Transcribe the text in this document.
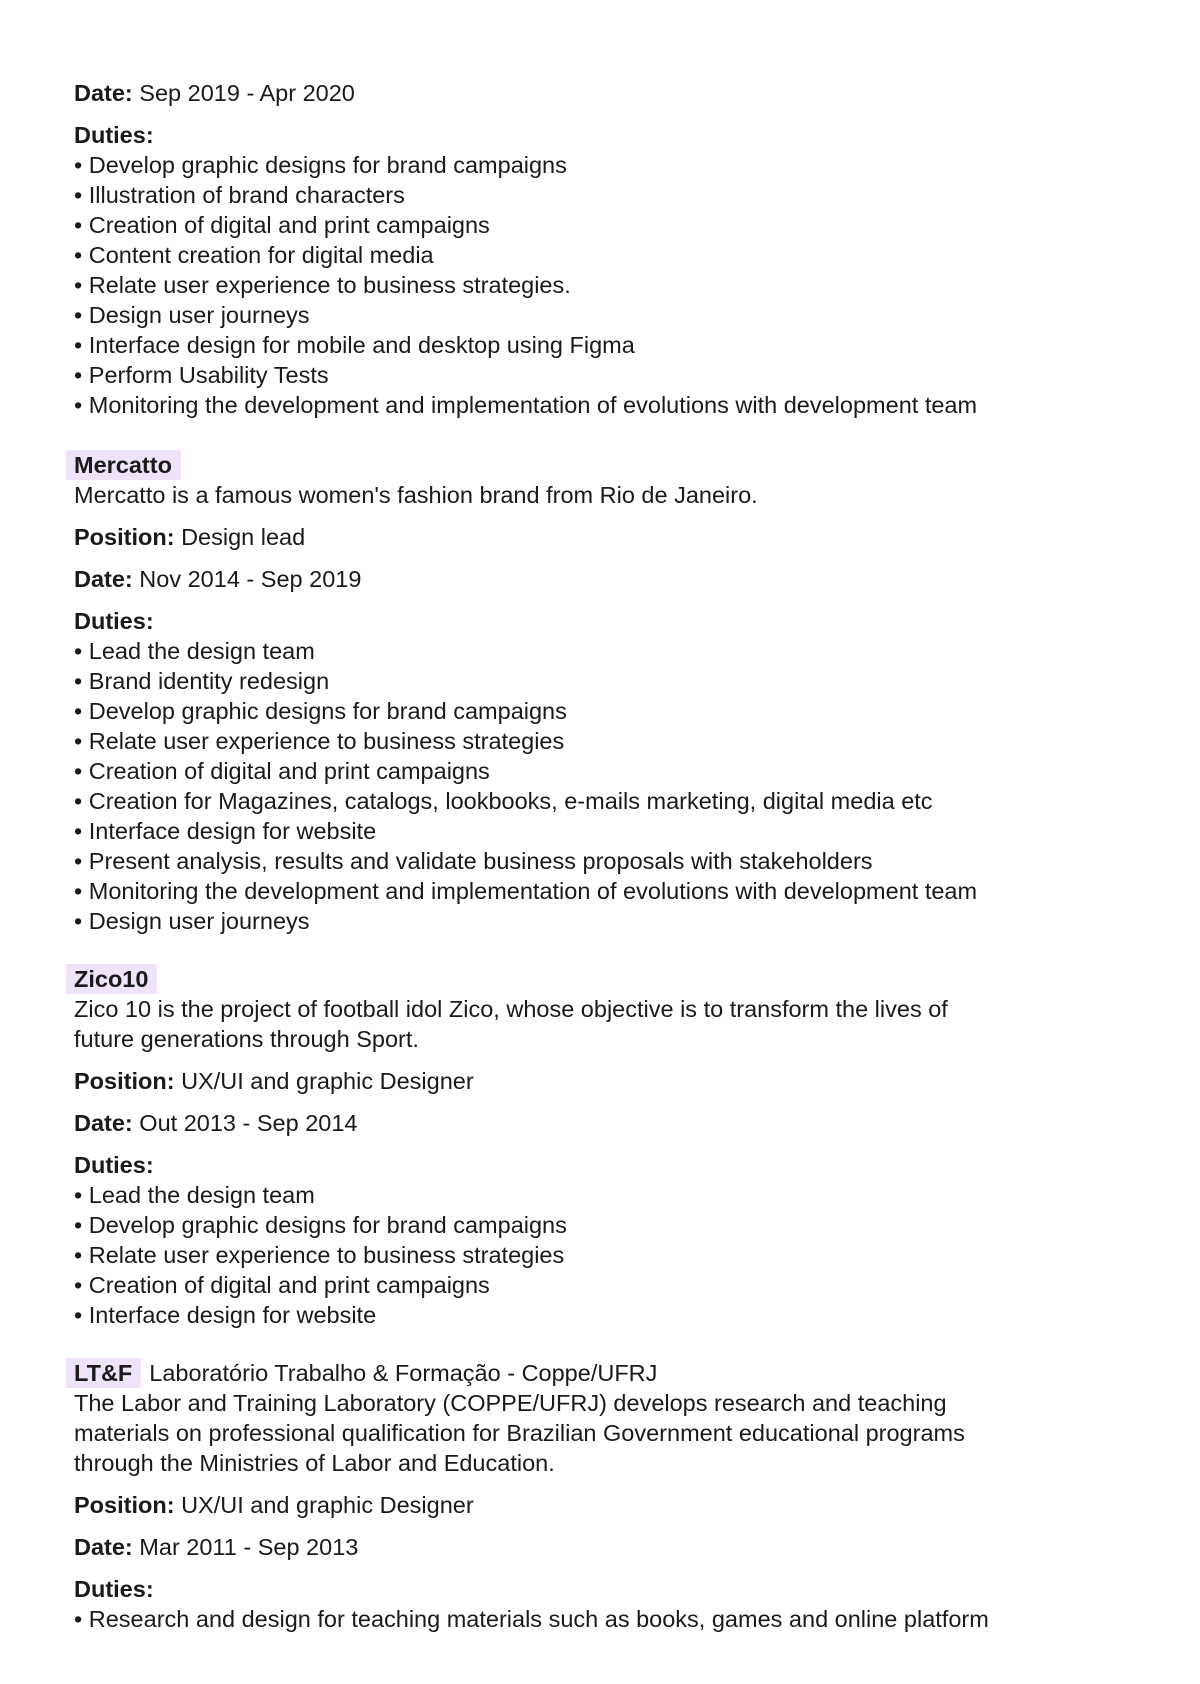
Date: Sep 2019 - Apr 2020
Duties:
• Develop graphic designs for brand campaigns
• Illustration of brand characters
• Creation of digital and print campaigns
• Content creation for digital media
• Relate user experience to business strategies.
• Design user journeys
• Interface design for mobile and desktop using Figma
• Perform Usability Tests
• Monitoring the development and implementation of evolutions with development team
Mercatto
Mercatto is a famous women's fashion brand from Rio de Janeiro.
Position: Design lead
Date: Nov 2014 - Sep 2019
Duties:
• Lead the design team
• Brand identity redesign
• Develop graphic designs for brand campaigns
• Relate user experience to business strategies
• Creation of digital and print campaigns
• Creation for Magazines, catalogs, lookbooks, e-mails marketing, digital media etc
• Interface design for website
• Present analysis, results and validate business proposals with stakeholders
• Monitoring the development and implementation of evolutions with development team
• Design user journeys
Zico10
Zico 10 is the project of football idol Zico, whose objective is to transform the lives of
future generations through Sport.
Position: UX/UI and graphic Designer
Date: Out 2013 - Sep 2014
Duties:
• Lead the design team
• Develop graphic designs for brand campaigns
• Relate user experience to business strategies
• Creation of digital and print campaigns
• Interface design for website
LT&F Laboratório Trabalho & Formação - Coppe/UFRJ
The Labor and Training Laboratory (COPPE/UFRJ) develops research and teaching
materials on professional qualification for Brazilian Government educational programs
through the Ministries of Labor and Education.
Position: UX/UI and graphic Designer
Date: Mar 2011 - Sep 2013
Duties:
• Research and design for teaching materials such as books, games and online platform
